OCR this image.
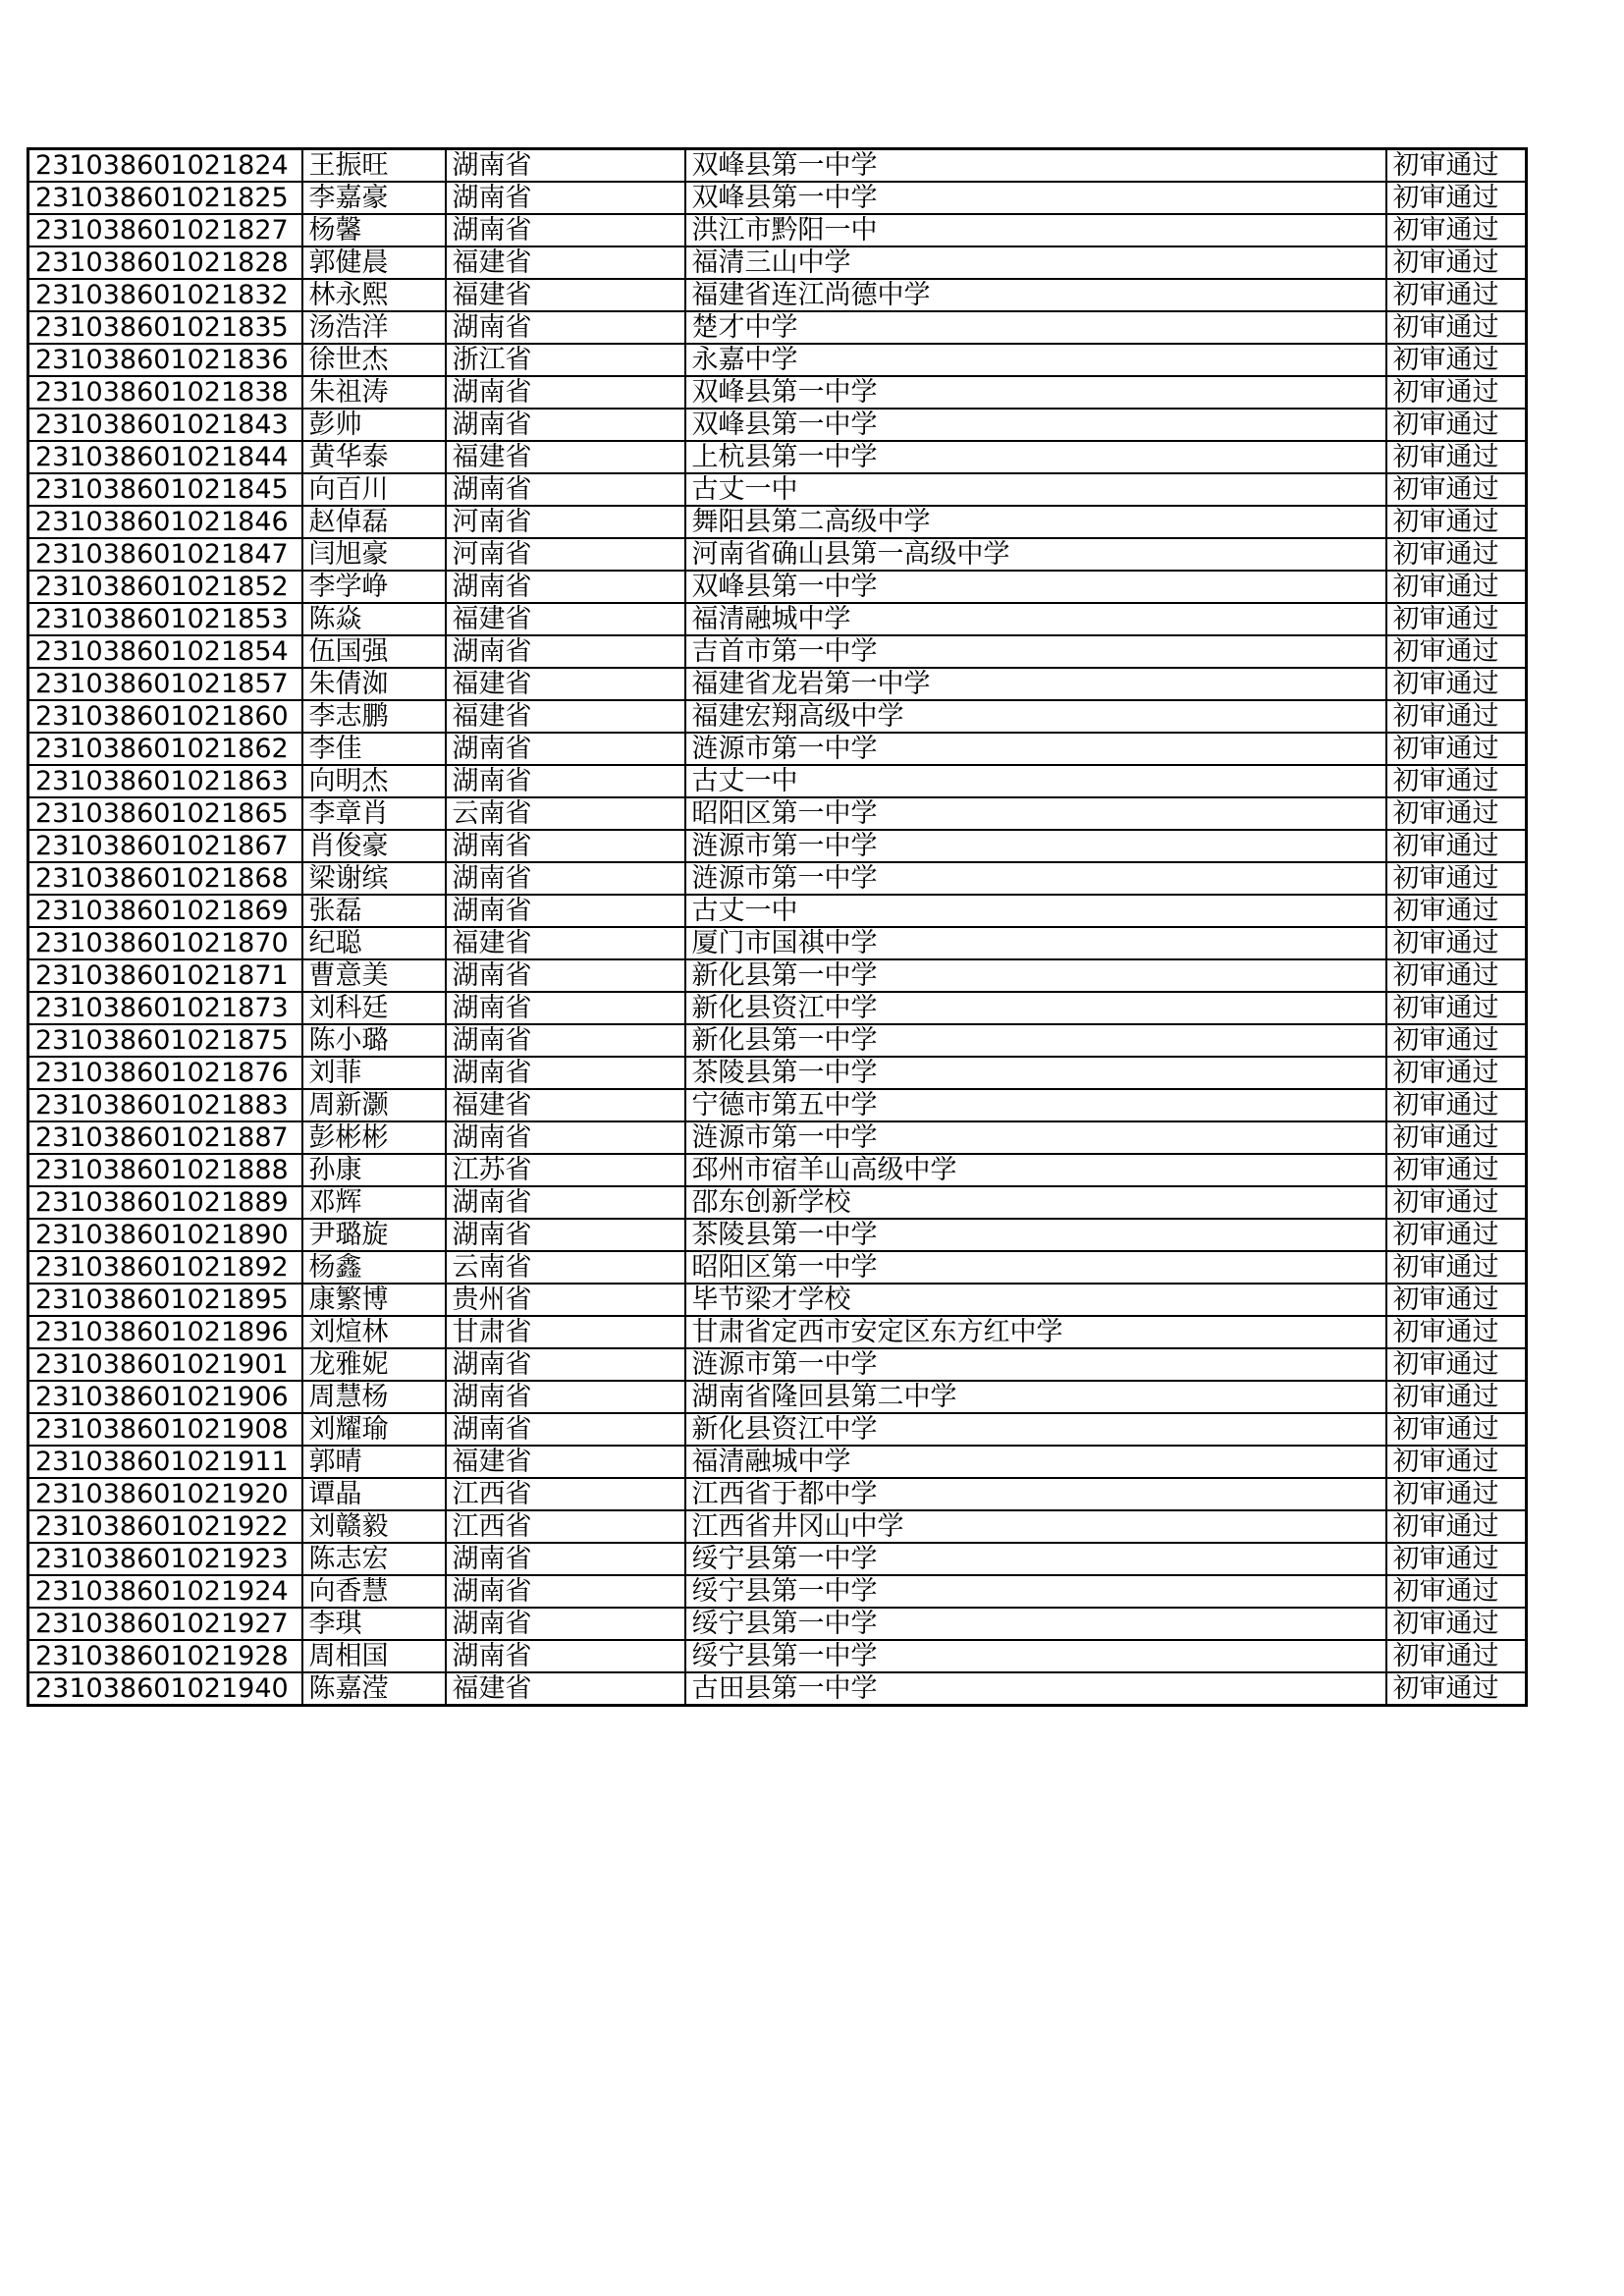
231038601021824	王振旺	湖南省	双峰县第一中学	初审通过
231038601021825	李嘉豪	湖南省	双峰县第一中学	初审通过
231038601021827	杨馨	湖南省	洪江市黔阳一中	初审通过
231038601021828	郭健晨	福建省	福清三山中学	初审通过
231038601021832	林永熙	福建省	福建省连江尚德中学	初审通过
231038601021835	汤浩洋	湖南省	楚才中学	初审通过
231038601021836	徐世杰	浙江省	永嘉中学	初审通过
231038601021838	朱祖涛	湖南省	双峰县第一中学	初审通过
231038601021843	彭帅	湖南省	双峰县第一中学	初审通过
231038601021844	黄华泰	福建省	上杭县第一中学	初审通过
231038601021845	向百川	湖南省	古丈一中	初审通过
231038601021846	赵倬磊	河南省	舞阳县第二高级中学	初审通过
231038601021847	闫旭豪	河南省	河南省确山县第一高级中学	初审通过
231038601021852	李学峥	湖南省	双峰县第一中学	初审通过
231038601021853	陈焱	福建省	福清融城中学	初审通过
231038601021854	伍国强	湖南省	吉首市第一中学	初审通过
231038601021857	朱倩洳	福建省	福建省龙岩第一中学	初审通过
231038601021860	李志鹏	福建省	福建宏翔高级中学	初审通过
231038601021862	李佳	湖南省	涟源市第一中学	初审通过
231038601021863	向明杰	湖南省	古丈一中	初审通过
231038601021865	李章肖	云南省	昭阳区第一中学	初审通过
231038601021867	肖俊豪	湖南省	涟源市第一中学	初审通过
231038601021868	梁谢缤	湖南省	涟源市第一中学	初审通过
231038601021869	张磊	湖南省	古丈一中	初审通过
231038601021870	纪聪	福建省	厦门市国祺中学	初审通过
231038601021871	曹意美	湖南省	新化县第一中学	初审通过
231038601021873	刘科廷	湖南省	新化县资江中学	初审通过
231038601021875	陈小璐	湖南省	新化县第一中学	初审通过
231038601021876	刘菲	湖南省	茶陵县第一中学	初审通过
231038601021883	周新灏	福建省	宁德市第五中学	初审通过
231038601021887	彭彬彬	湖南省	涟源市第一中学	初审通过
231038601021888	孙康	江苏省	邳州市宿羊山高级中学	初审通过
231038601021889	邓辉	湖南省	邵东创新学校	初审通过
231038601021890	尹璐旋	湖南省	茶陵县第一中学	初审通过
231038601021892	杨鑫	云南省	昭阳区第一中学	初审通过
231038601021895	康繁博	贵州省	毕节梁才学校	初审通过
231038601021896	刘煊林	甘肃省	甘肃省定西市安定区东方红中学	初审通过
231038601021901	龙雅妮	湖南省	涟源市第一中学	初审通过
231038601021906	周慧杨	湖南省	湖南省隆回县第二中学	初审通过
231038601021908	刘耀瑜	湖南省	新化县资江中学	初审通过
231038601021911	郭晴	福建省	福清融城中学	初审通过
231038601021920	谭晶	江西省	江西省于都中学	初审通过
231038601021922	刘赣毅	江西省	江西省井冈山中学	初审通过
231038601021923	陈志宏	湖南省	绥宁县第一中学	初审通过
231038601021924	向香慧	湖南省	绥宁县第一中学	初审通过
231038601021927	李琪	湖南省	绥宁县第一中学	初审通过
231038601021928	周相国	湖南省	绥宁县第一中学	初审通过
231038601021940	陈嘉滢	福建省	古田县第一中学	初审通过
